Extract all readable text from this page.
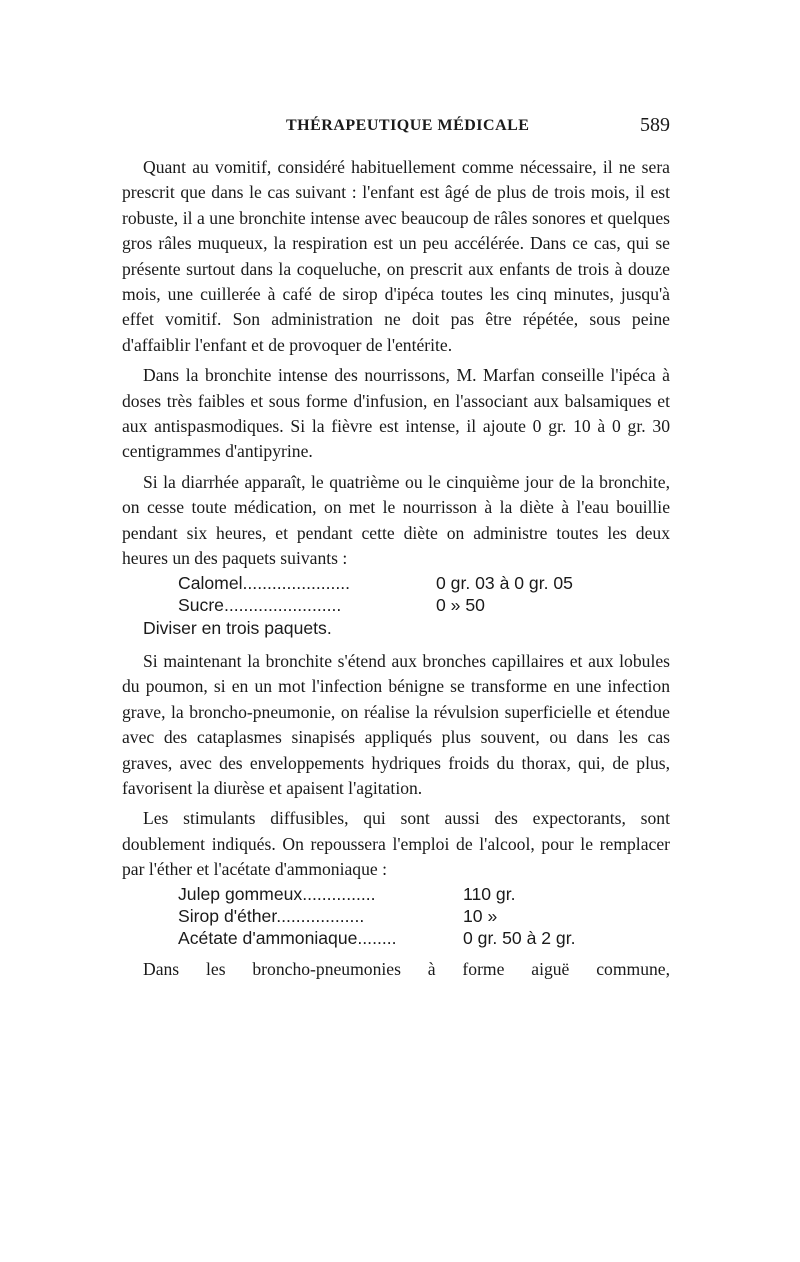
THÉRAPEUTIQUE MÉDICALE	589

Quant au vomitif, considéré habituellement comme nécessaire, il ne sera prescrit que dans le cas suivant : l'enfant est âgé de plus de trois mois, il est robuste, il a une bronchite intense avec beaucoup de râles sonores et quelques gros râles muqueux, la respiration est un peu accélérée. Dans ce cas, qui se présente surtout dans la coqueluche, on prescrit aux enfants de trois à douze mois, une cuillerée à café de sirop d'ipéca toutes les cinq minutes, jusqu'à effet vomitif. Son administration ne doit pas être répétée, sous peine d'affaiblir l'enfant et de provoquer de l'entérite.

Dans la bronchite intense des nourrissons, M. Marfan conseille l'ipéca à doses très faibles et sous forme d'infusion, en l'associant aux balsamiques et aux antispasmodiques. Si la fièvre est intense, il ajoute 0 gr. 10 à 0 gr. 30 centigrammes d'antipyrine.

Si la diarrhée apparaît, le quatrième ou le cinquième jour de la bronchite, on cesse toute médication, on met le nourrisson à la diète à l'eau bouillie pendant six heures, et pendant cette diète on administre toutes les deux heures un des paquets suivants :

Calomel......................	0 gr. 03 à 0 gr. 05
Sucre........................	0 » 50

Diviser en trois paquets.

Si maintenant la bronchite s'étend aux bronches capillaires et aux lobules du poumon, si en un mot l'infection bénigne se transforme en une infection grave, la broncho-pneumonie, on réalise la révulsion superficielle et étendue avec des cataplasmes sinapisés appliqués plus souvent, ou dans les cas graves, avec des enveloppements hydriques froids du thorax, qui, de plus, favorisent la diurèse et apaisent l'agitation.

Les stimulants diffusibles, qui sont aussi des expectorants, sont doublement indiqués. On repoussera l'emploi de l'alcool, pour le remplacer par l'éther et l'acétate d'ammoniaque :

Julep gommeux...............	110 gr.
Sirop d'éther..................	10 »
Acétate d'ammoniaque........	0 gr. 50 à 2 gr.

Dans les broncho-pneumonies à forme aiguë commune,
